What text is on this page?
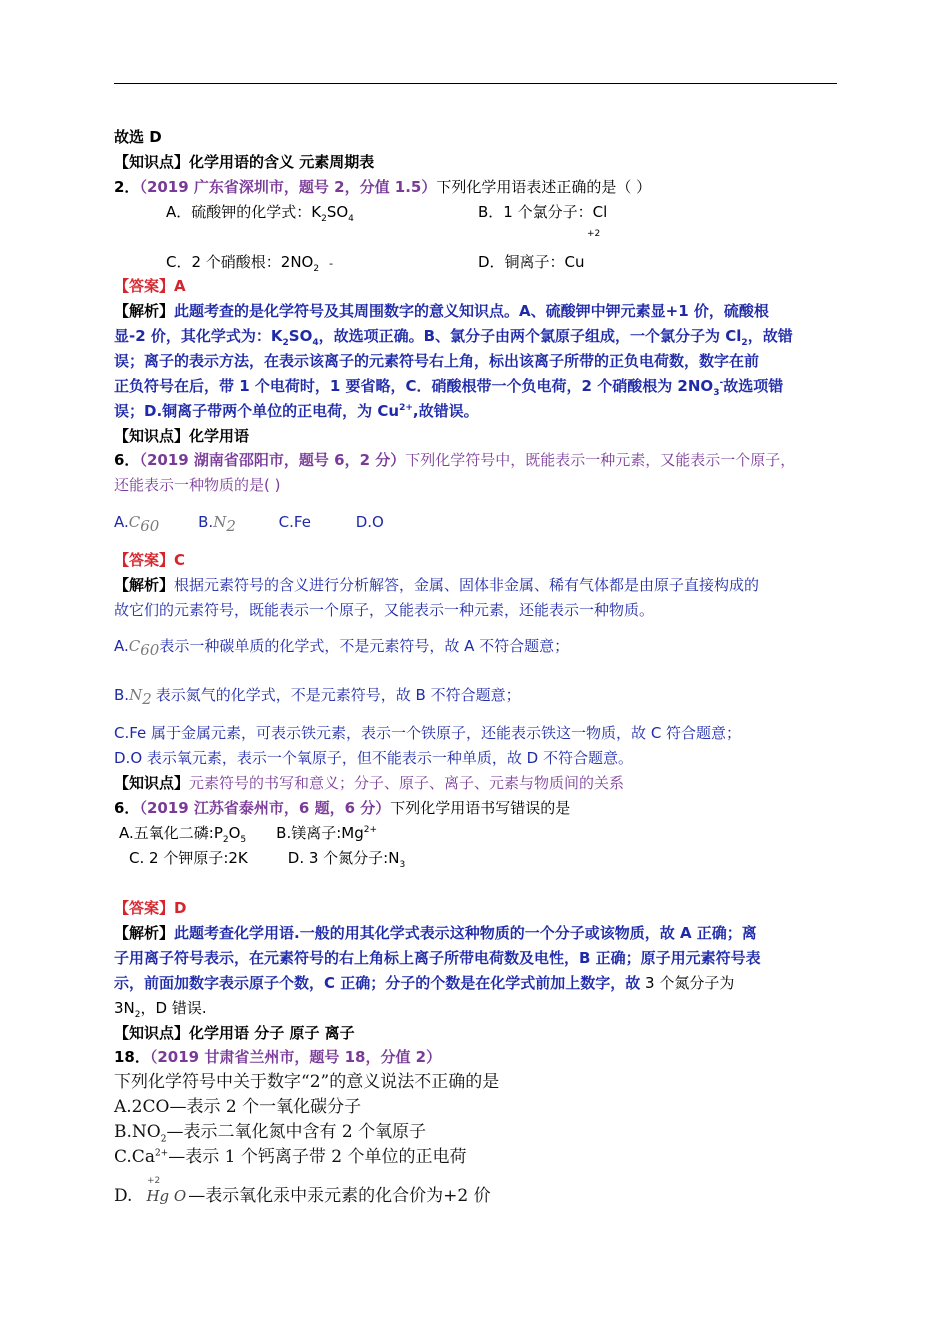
故选 D
【知识点】化学用语的含义 元素周期表
2．（2019 广东省深圳市，题号 2，分值 1.5）下列化学用语表述正确的是（ ）
A．硫酸钾的化学式：$K_2SO_4$	B．1 个氯分子：Cl
+2
C．2 个硝酸根：$2NO_2$ -	D．铜离子：Cu
【答案】A
【解析】此题考查的是化学符号及其周围数字的意义知识点。A、硫酸钾中钾元素显+1 价，硫酸根
显-2 价，其化学式为：$K_2SO_4$，故选项正确。B、氯分子由两个氯原子组成，一个氯分子为 $Cl_2$，故错
误；离子的表示方法，在表示该离子的元素符号右上角，标出该离子所带的正负电荷数，数字在前
正负符号在后，带 1 个电荷时，1 要省略，C．硝酸根带一个负电荷，2 个硝酸根为 $2NO_3^-$故选项错
误；D.铜离子带两个单位的正电荷，为 $Cu^{2+}$,故错误。
【知识点】化学用语
6．（2019 湖南省邵阳市，题号 6，2 分）下列化学符号中，既能表示一种元素，又能表示一个原子，
还能表示一种物质的是( )
$A.C_{60}$	$B.N_2$	C.Fe	D.O
【答案】C
【解析】根据元素符号的含义进行分析解答，金属、固体非金属、稀有气体都是由原子直接构成的
故它们的元素符号，既能表示一个原子，又能表示一种元素，还能表示一种物质。
$A.C_{60}$表示一种碳单质的化学式，不是元素符号，故 A 不符合题意；
$B.N_2$ 表示氮气的化学式，不是元素符号，故 B 不符合题意；
C.Fe 属于金属元素，可表示铁元素，表示一个铁原子，还能表示铁这一物质，故 C 符合题意；
D.O 表示氧元素，表示一个氧原子，但不能表示一种单质，故 D 不符合题意。
【知识点】元素符号的书写和意义；分子、原子、离子、元素与物质间的关系
6．（2019 江苏省泰州市，6 题，6 分）下列化学用语书写错误的是
A.五氧化二磷$:P_2O_5$ B.镁离子$:Mg^{2+}$
C. 2 个钾原子:2K	D. 3 个氮分子$:N_3$
【答案】D
【解析】此题考查化学用语.一般的用其化学式表示这种物质的一个分子或该物质，故 A 正确；离
子用离子符号表示，在元素符号的右上角标上离子所带电荷数及电性，B 正确；原子用元素符号表
示，前面加数字表示原子个数，C 正确；分子的个数是在化学式前加上数字，故 3 个氮分子为
$3N_2$，D 错误.
【知识点】化学用语 分子 原子 离子
18．（2019 甘肃省兰州市，题号 18，分值 2）
下列化学符号中关于数字“2”的意义说法不正确的是
A.2CO—表示 2 个一氧化碳分子
$B.NO_2—$表示二氧化氮中含有 2 个氧原子
$C.Ca^{2+}—$表示 1 个钙离子带 2 个单位的正电荷
+2
D. Hg O —表示氧化汞中汞元素的化合价为+2 价
